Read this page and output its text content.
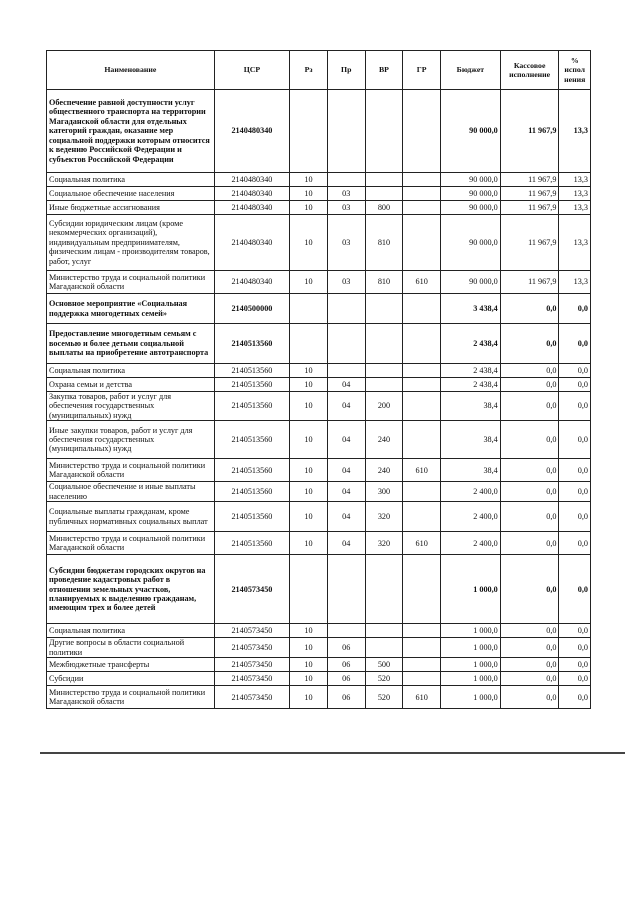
Наименование	ЦСР	Рз	Пр	ВР	ГР	Бюджет	Кассовое исполнение	% испол нения
Обеспечение равной доступности услуг общественного транспорта на территории Магаданской области для отдельных категорий граждан, оказание мер социальной поддержки которым относится к ведению Российской Федерации и субъектов Российской Федерации	2140480340					90 000,0	11 967,9	13,3
Социальная политика	2140480340	10				90 000,0	11 967,9	13,3
Социальное обеспечение населения	2140480340	10	03			90 000,0	11 967,9	13,3
Иные бюджетные ассигнования	2140480340	10	03	800		90 000,0	11 967,9	13,3
Субсидии юридическим лицам (кроме некоммерческих организаций), индивидуальным предпринимателям, физическим лицам - производителям товаров, работ, услуг	2140480340	10	03	810		90 000,0	11 967,9	13,3
Министерство труда и социальной политики Магаданской области	2140480340	10	03	810	610	90 000,0	11 967,9	13,3
Основное мероприятие «Социальная поддержка многодетных семей»	2140500000					3 438,4	0,0	0,0
Предоставление многодетным семьям с восемью и более детьми социальной выплаты на приобретение автотранспорта	2140513560					2 438,4	0,0	0,0
Социальная политика	2140513560	10				2 438,4	0,0	0,0
Охрана семьи и детства	2140513560	10	04			2 438,4	0,0	0,0
Закупка товаров, работ и услуг для обеспечения государственных (муниципальных) нужд	2140513560	10	04	200		38,4	0,0	0,0
Иные закупки товаров, работ и услуг для обеспечения государственных (муниципальных) нужд	2140513560	10	04	240		38,4	0,0	0,0
Министерство труда и социальной политики Магаданской области	2140513560	10	04	240	610	38,4	0,0	0,0
Социальное обеспечение и иные выплаты населению	2140513560	10	04	300		2 400,0	0,0	0,0
Социальные выплаты гражданам, кроме публичных нормативных социальных выплат	2140513560	10	04	320		2 400,0	0,0	0,0
Министерство труда и социальной политики Магаданской области	2140513560	10	04	320	610	2 400,0	0,0	0,0
Субсидии бюджетам городских округов на проведение кадастровых работ в отношении земельных участков, планируемых к выделению гражданам, имеющим трех и более детей	2140573450					1 000,0	0,0	0,0
Социальная политика	2140573450	10				1 000,0	0,0	0,0
Другие вопросы в области социальной политики	2140573450	10	06			1 000,0	0,0	0,0
Межбюджетные трансферты	2140573450	10	06	500		1 000,0	0,0	0,0
Субсидии	2140573450	10	06	520		1 000,0	0,0	0,0
Министерство труда и социальной политики Магаданской области	2140573450	10	06	520	610	1 000,0	0,0	0,0
